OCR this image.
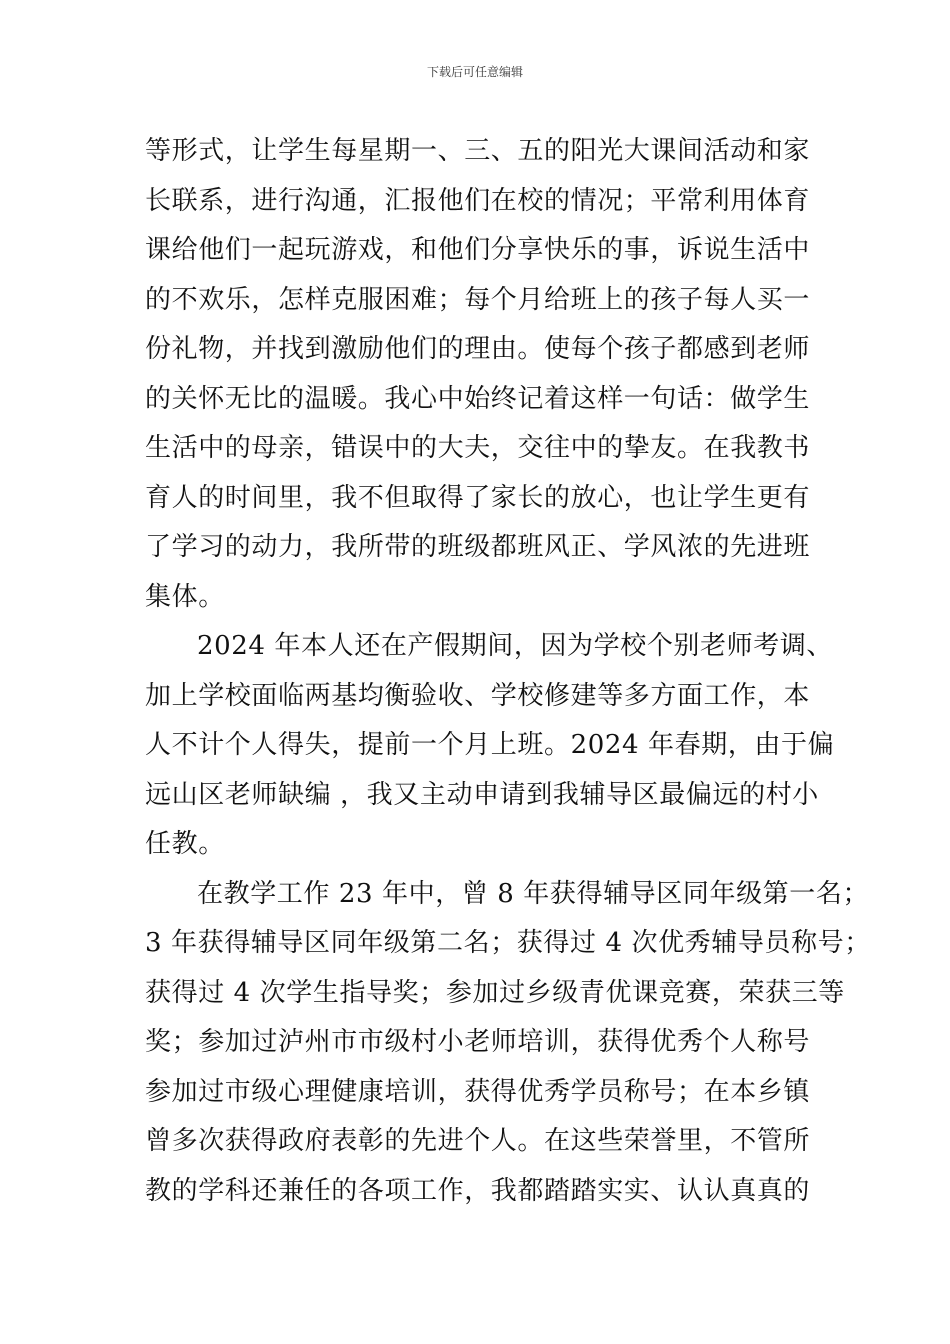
下载后可任意编辑
等形式，让学生每星期一、三、五的阳光大课间活动和家
长联系，进行沟通，汇报他们在校的情况；平常利用体育
课给他们一起玩游戏，和他们分享快乐的事，诉说生活中
的不欢乐，怎样克服困难；每个月给班上的孩子每人买一
份礼物，并找到激励他们的理由。使每个孩子都感到老师
的关怀无比的温暖。我心中始终记着这样一句话：做学生
生活中的母亲，错误中的大夫，交往中的挚友。在我教书
育人的时间里，我不但取得了家长的放心，也让学生更有
了学习的动力，我所带的班级都班风正、学风浓的先进班
集体。
2024 年本人还在产假期间，因为学校个别老师考调、
加上学校面临两基均衡验收、学校修建等多方面工作，本
人不计个人得失，提前一个月上班。2024 年春期，由于偏
远山区老师缺编 ，我又主动申请到我辅导区最偏远的村小
任教。
在教学工作 23 年中，曾 8 年获得辅导区同年级第一名；
3 年获得辅导区同年级第二名；获得过 4 次优秀辅导员称号；
获得过 4 次学生指导奖；参加过乡级青优课竞赛，荣获三等
奖；参加过泸州市市级村小老师培训，获得优秀个人称号
参加过市级心理健康培训，获得优秀学员称号；在本乡镇
曾多次获得政府表彰的先进个人。在这些荣誉里，不管所
教的学科还兼任的各项工作，我都踏踏实实、认认真真的
